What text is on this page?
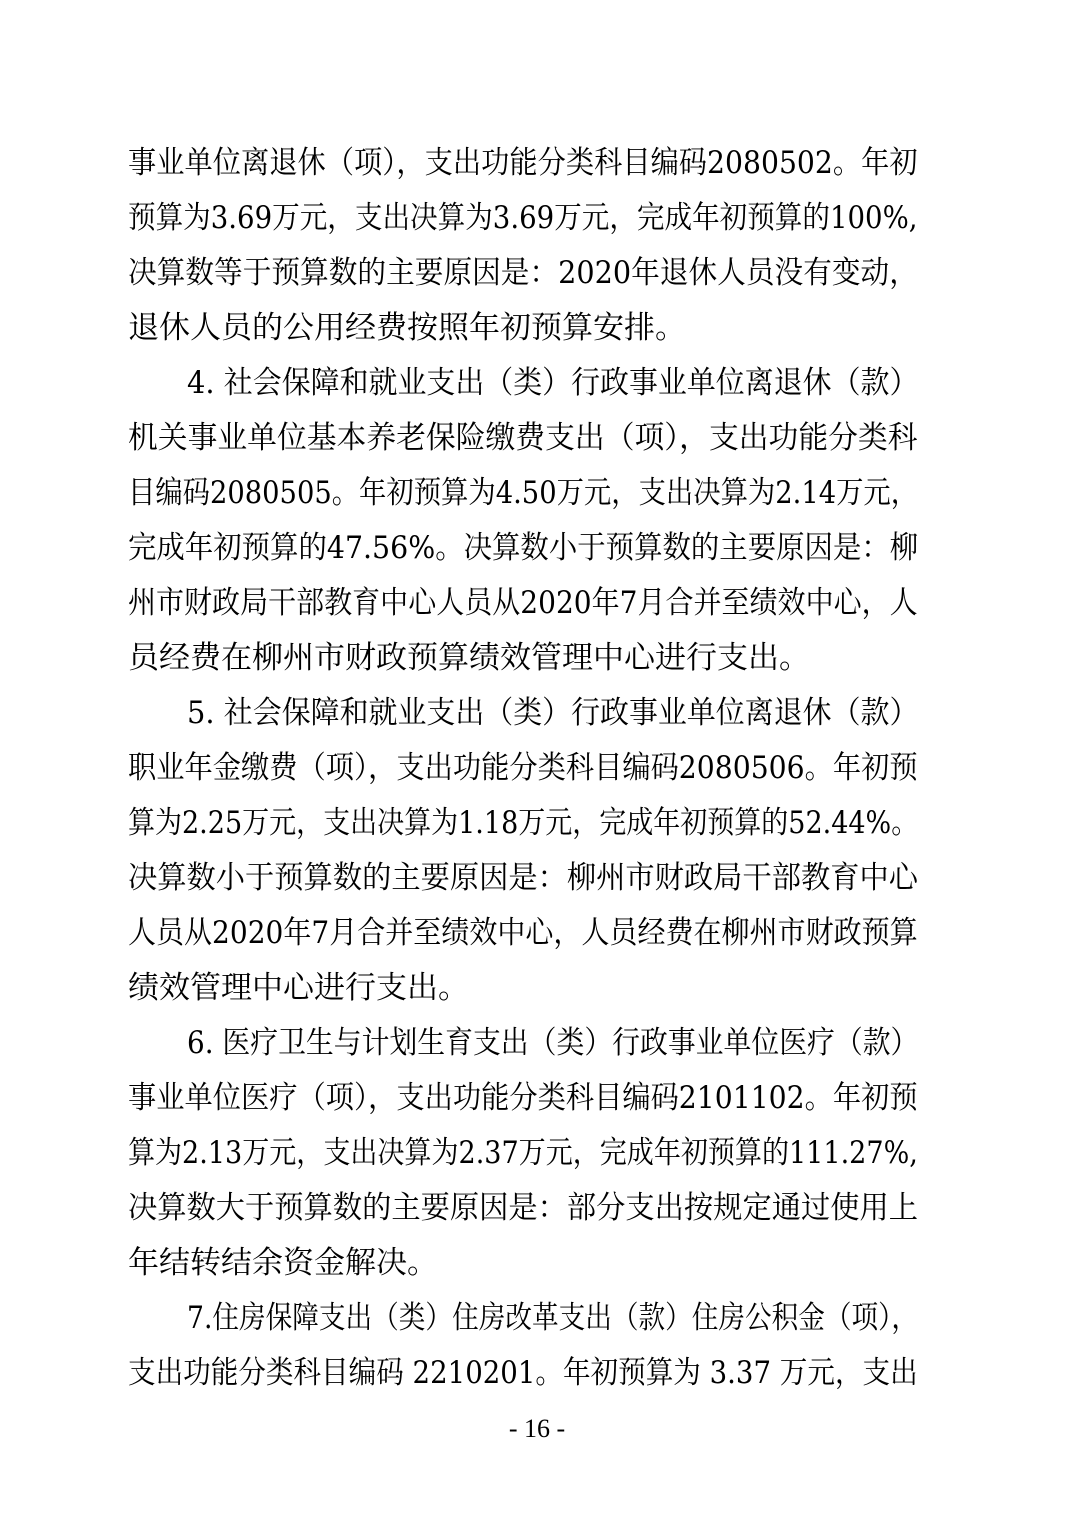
事业单位离退休（项），支出功能分类科目编码2080502。年初
预算为3.69万元，支出决算为3.69万元，完成年初预算的100%,
决算数等于预算数的主要原因是：2020年退休人员没有变动，
退休人员的公用经费按照年初预算安排。
4. 社会保障和就业支出（类）行政事业单位离退休（款）
机关事业单位基本养老保险缴费支出（项），支出功能分类科
目编码2080505。年初预算为4.50万元，支出决算为2.14万元，
完成年初预算的47.56%。决算数小于预算数的主要原因是：柳
州市财政局干部教育中心人员从2020年7月合并至绩效中心，人
员经费在柳州市财政预算绩效管理中心进行支出。
5. 社会保障和就业支出（类）行政事业单位离退休（款）
职业年金缴费（项），支出功能分类科目编码2080506。年初预
算为2.25万元，支出决算为1.18万元，完成年初预算的52.44%。
决算数小于预算数的主要原因是：柳州市财政局干部教育中心
人员从2020年7月合并至绩效中心，人员经费在柳州市财政预算
绩效管理中心进行支出。
6. 医疗卫生与计划生育支出（类）行政事业单位医疗（款）
事业单位医疗（项），支出功能分类科目编码2101102。年初预
算为2.13万元，支出决算为2.37万元，完成年初预算的111.27%,
决算数大于预算数的主要原因是：部分支出按规定通过使用上
年结转结余资金解决。
7.住房保障支出（类）住房改革支出（款）住房公积金（项），
支出功能分类科目编码 2210201。年初预算为 3.37 万元，支出
- 16 -
